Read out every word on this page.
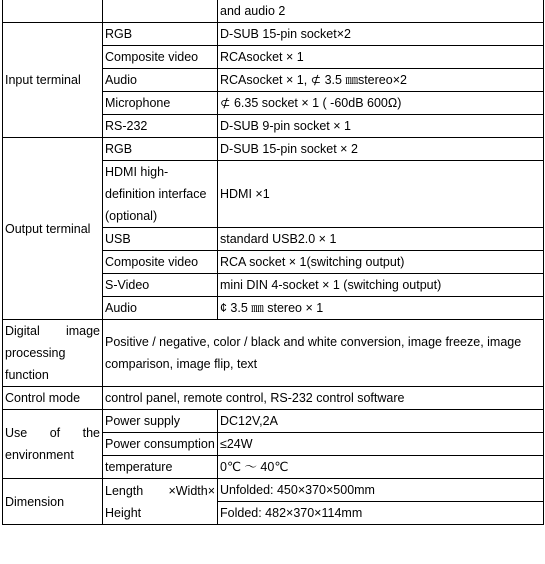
		and audio 2
Input terminal	RGB	D-SUB 15-pin socket×2
	Composite video	RCAsocket × 1
	Audio	RCAsocket × 1, ⊄ 3.5 ㎜stereo×2
	Microphone	⊄ 6.35 socket × 1 ( -60dB 600Ω)
	RS-232	D-SUB 9-pin socket × 1
Output terminal	RGB	D-SUB 15-pin socket × 2
	HDMI high-definition interface (optional)	HDMI ×1
	USB	standard USB2.0 × 1
	Composite video	RCA socket × 1(switching output)
	S-Video	mini DIN 4-socket × 1 (switching output)
	Audio	¢ 3.5 ㎜ stereo × 1
Digital image processing function	Positive / negative, color / black and white conversion, image freeze, image comparison, image flip, text	
Control mode	control panel, remote control, RS-232 control software	
Use of the environment	Power supply	DC12V,2A
	Power consumption	≤24W
	temperature	0℃ ～ 40℃
Dimension	Length ×Width× Height	Unfolded: 450×370×500mm
		Folded: 482×370×114mm
